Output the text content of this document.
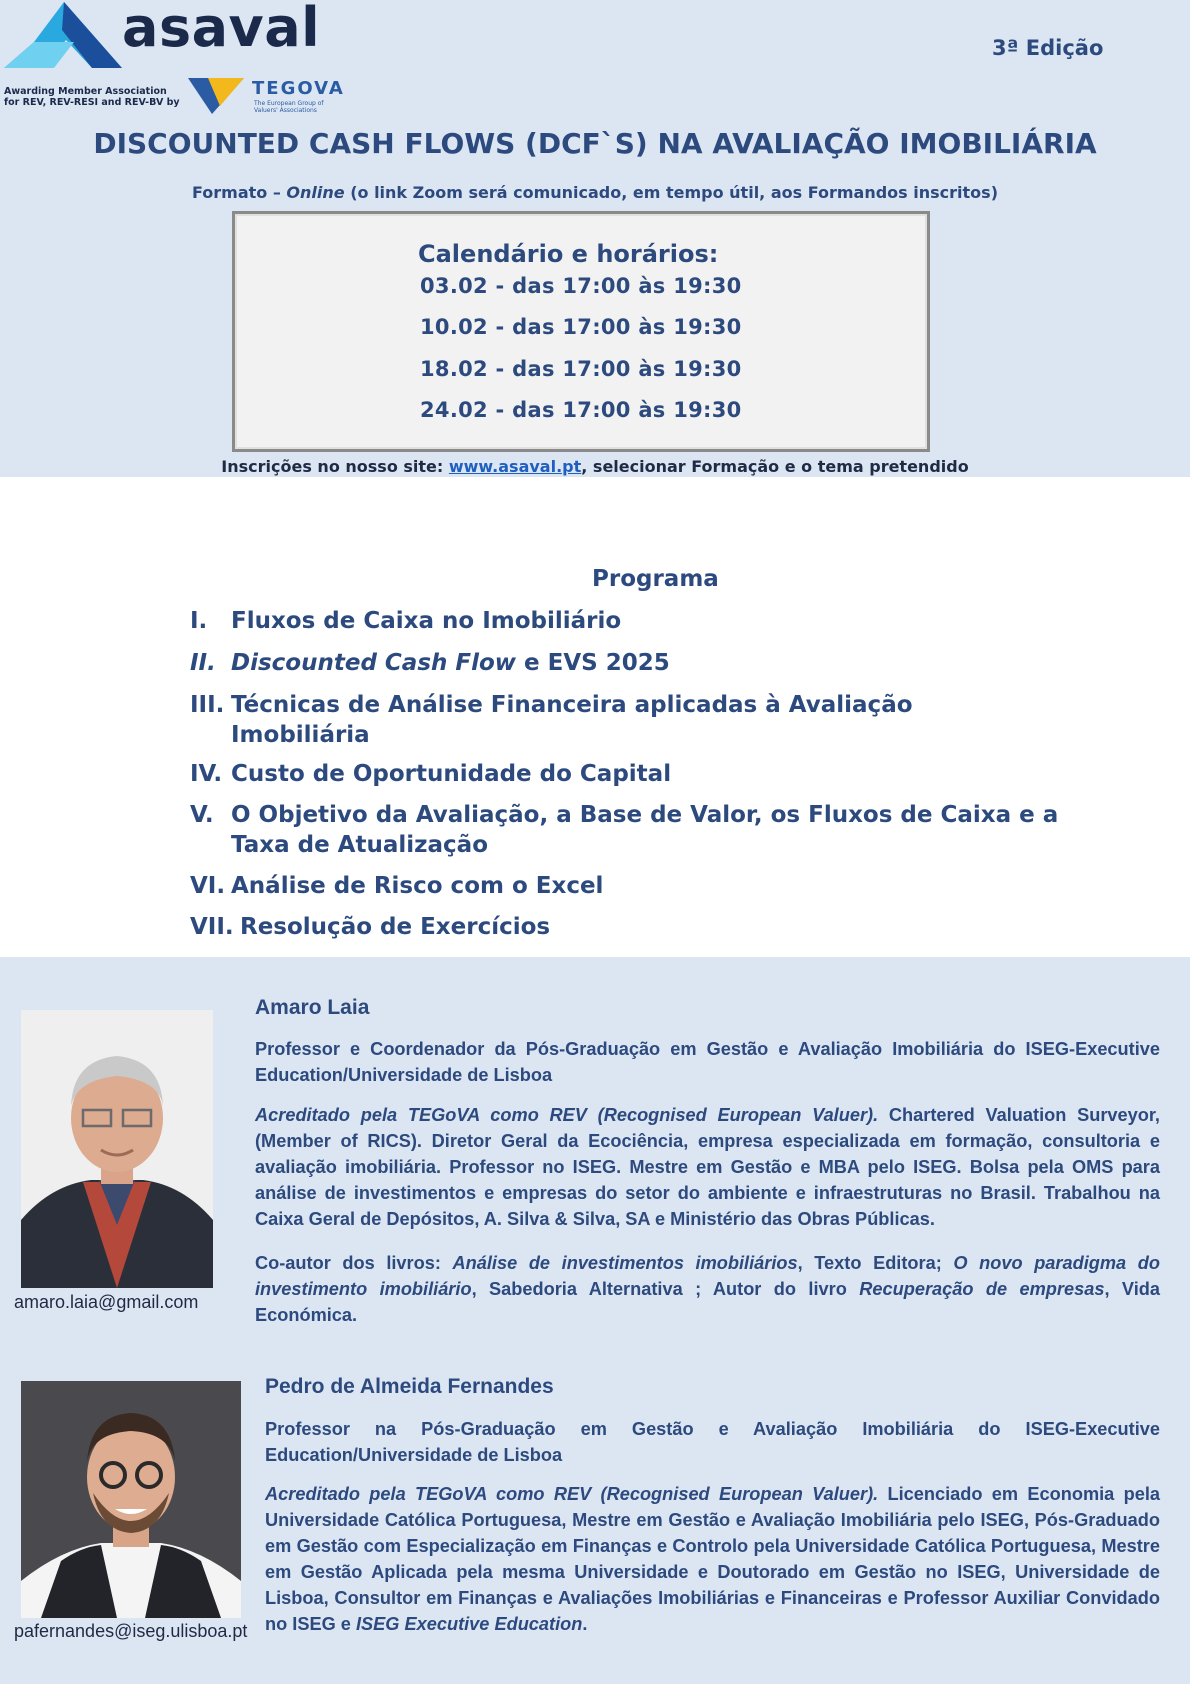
asaval
Awarding Member Association
for REV, REV-RESI and REV-BV by
TEGOVA
The European Group of Valuers' Associations
3ª Edição
DISCOUNTED CASH FLOWS (DCF`S) NA AVALIAÇÃO IMOBILIÁRIA
Formato – Online (o link Zoom será comunicado, em tempo útil, aos Formandos inscritos)
Calendário e horários:
03.02 - das 17:00 às 19:30
10.02 - das 17:00 às 19:30
18.02 - das 17:00 às 19:30
24.02 - das 17:00 às 19:30
Inscrições no nosso site: www.asaval.pt, selecionar Formação e o tema pretendido
Programa
I. Fluxos de Caixa no Imobiliário
II. Discounted Cash Flow e EVS 2025
III. Técnicas de Análise Financeira aplicadas à Avaliação Imobiliária
IV. Custo de Oportunidade do Capital
V. O Objetivo da Avaliação, a Base de Valor, os Fluxos de Caixa e a Taxa de Atualização
VI. Análise de Risco com o Excel
VII. Resolução de Exercícios
amaro.laia@gmail.com
Amaro Laia
Professor e Coordenador da Pós-Graduação em Gestão e Avaliação Imobiliária do ISEG-Executive Education/Universidade de Lisboa
Acreditado pela TEGoVA como REV (Recognised European Valuer). Chartered Valuation Surveyor, (Member of RICS). Diretor Geral da Ecociência, empresa especializada em formação, consultoria e avaliação imobiliária. Professor no ISEG. Mestre em Gestão e MBA pelo ISEG. Bolsa pela OMS para análise de investimentos e empresas do setor do ambiente e infraestruturas no Brasil. Trabalhou na Caixa Geral de Depósitos, A. Silva & Silva, SA e Ministério das Obras Públicas.
Co-autor dos livros: Análise de investimentos imobiliários, Texto Editora; O novo paradigma do investimento imobiliário, Sabedoria Alternativa ; Autor do livro Recuperação de empresas, Vida Económica.
pafernandes@iseg.ulisboa.pt
Pedro de Almeida Fernandes
Professor na Pós-Graduação em Gestão e Avaliação Imobiliária do ISEG-Executive Education/Universidade de Lisboa
Acreditado pela TEGoVA como REV (Recognised European Valuer). Licenciado em Economia pela Universidade Católica Portuguesa, Mestre em Gestão e Avaliação Imobiliária pelo ISEG, Pós-Graduado em Gestão com Especialização em Finanças e Controlo pela Universidade Católica Portuguesa, Mestre em Gestão Aplicada pela mesma Universidade e Doutorado em Gestão no ISEG, Universidade de Lisboa, Consultor em Finanças e Avaliações Imobiliárias e Financeiras e Professor Auxiliar Convidado no ISEG e ISEG Executive Education.
